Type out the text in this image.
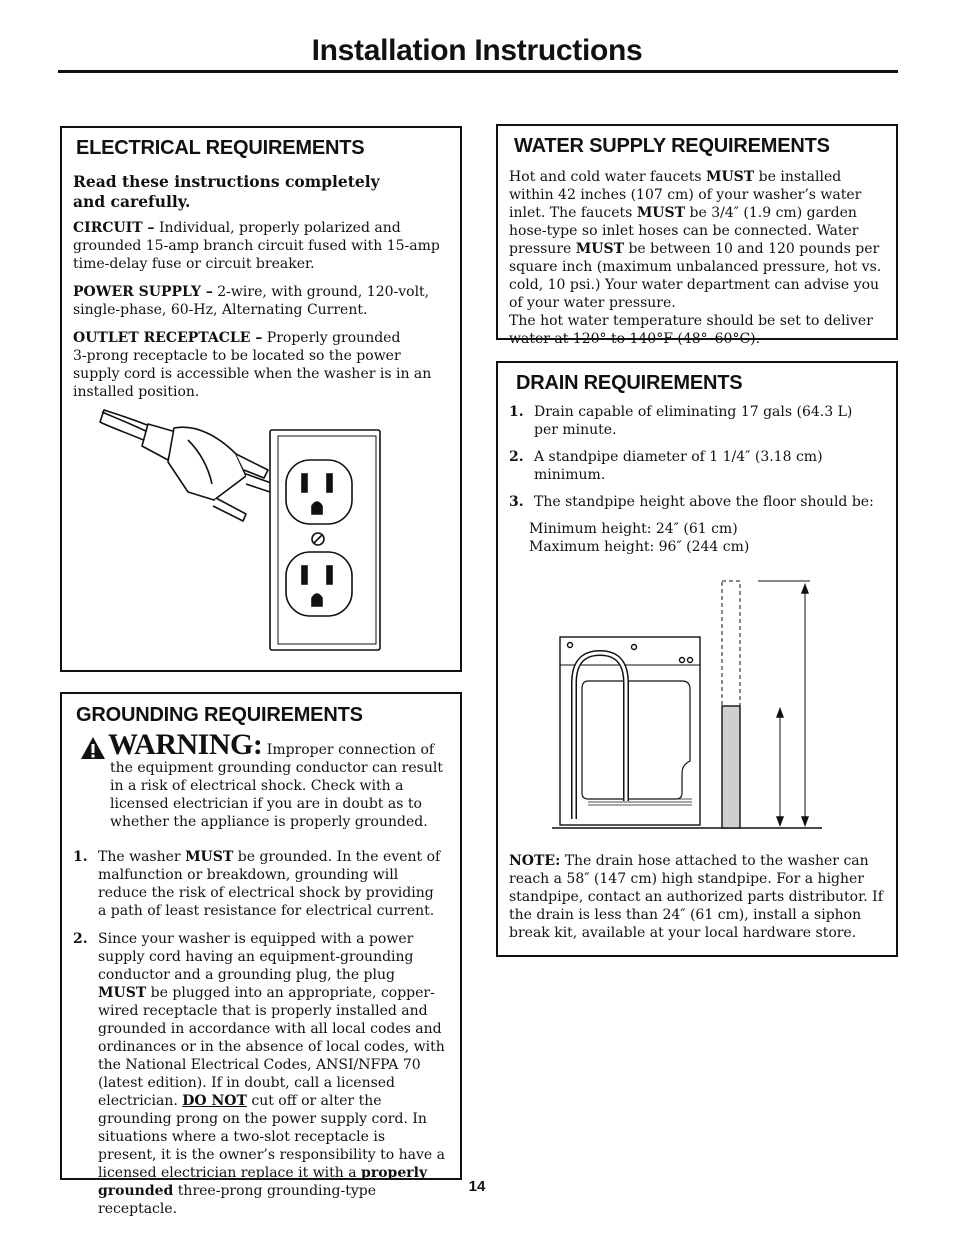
Installation Instructions
ELECTRICAL REQUIREMENTS

Read these instructions completely
and carefully.

CIRCUIT – Individual, properly polarized and grounded 15-amp branch circuit fused with 15-amp time-delay fuse or circuit breaker.

POWER SUPPLY – 2-wire, with ground, 120-volt, single-phase, 60-Hz, Alternating Current.

OUTLET RECEPTACLE – Properly grounded
3-prong receptacle to be located so the power supply cord is accessible when the washer is in an installed position.

WATER SUPPLY REQUIREMENTS

Hot and cold water faucets MUST be installed within 42 inches (107 cm) of your washer’s water inlet. The faucets MUST be 3/4″ (1.9 cm) garden hose-type so inlet hoses can be connected. Water pressure MUST be between 10 and 120 pounds per square inch (maximum unbalanced pressure, hot vs. cold, 10 psi.) Your water department can advise you of your water pressure.

The hot water temperature should be set to deliver water at 120° to 140°F (48°–60°C).

DRAIN REQUIREMENTS
1. Drain capable of eliminating 17 gals (64.3 L) per minute.
2. A standpipe diameter of 1 1/4″ (3.18 cm) minimum.
3. The standpipe height above the floor should be:
Minimum height: 24″ (61 cm)
Maximum height: 96″ (244 cm)
NOTE: The drain hose attached to the washer can reach a 58″ (147 cm) high standpipe. For a higher standpipe, contact an authorized parts distributor. If the drain is less than 24″ (61 cm), install a siphon break kit, available at your local hardware store.
GROUNDING REQUIREMENTS
WARNING: Improper connection of the equipment grounding conductor can result in a risk of electrical shock. Check with a licensed electrician if you are in doubt as to whether the appliance is properly grounded.
1. The washer MUST be grounded. In the event of malfunction or breakdown, grounding will reduce the risk of electrical shock by providing a path of least resistance for electrical current.
2. Since your washer is equipped with a power supply cord having an equipment-grounding conductor and a grounding plug, the plug MUST be plugged into an appropriate, copper-wired receptacle that is properly installed and grounded in accordance with all local codes and ordinances or in the absence of local codes, with the National Electrical Codes, ANSI/NFPA 70 (latest edition). If in doubt, call a licensed electrician. DO NOT cut off or alter the grounding prong on the power supply cord. In situations where a two-slot receptacle is present, it is the owner’s responsibility to have a licensed electrician replace it with a properly grounded three-prong grounding-type receptacle.
14
